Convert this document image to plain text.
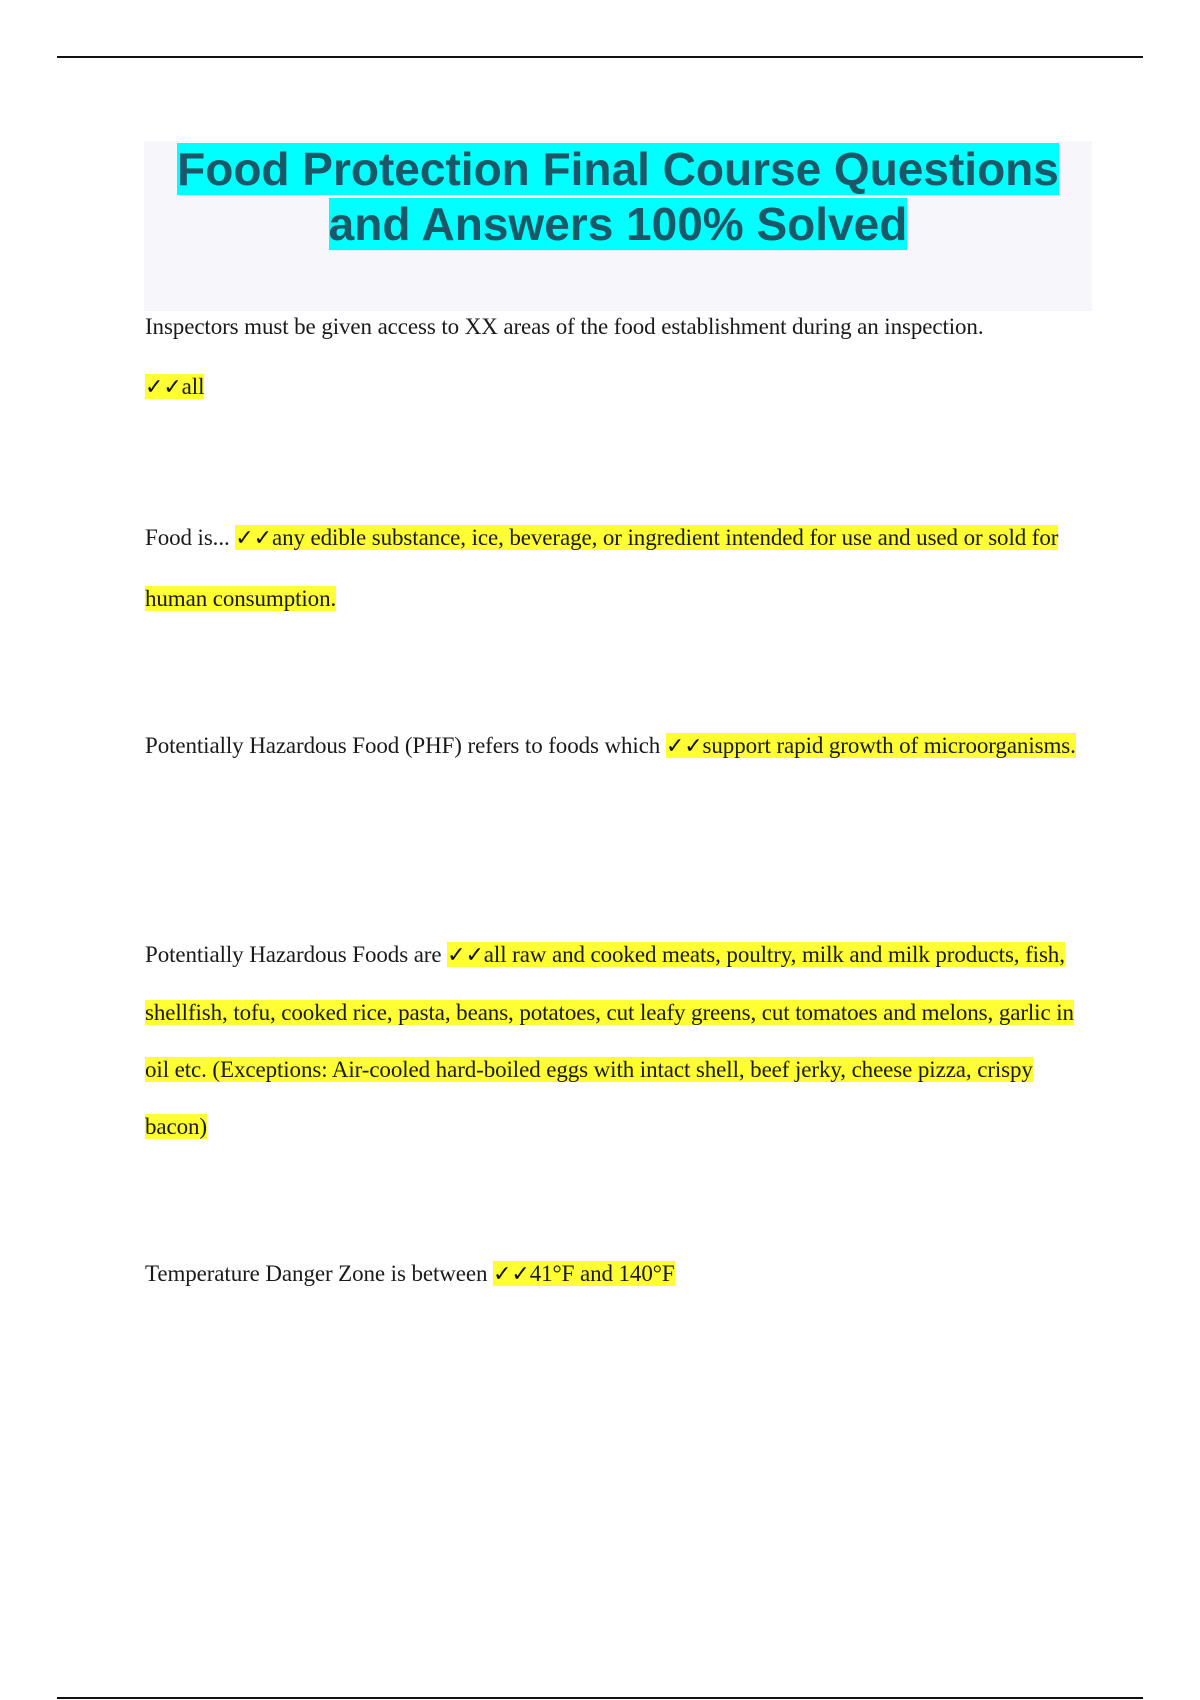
Food Protection Final Course Questions
and Answers 100% Solved

Inspectors must be given access to XX areas of the food establishment during an inspection.
✓✓all

Food is... ✓✓any edible substance, ice, beverage, or ingredient intended for use and used or sold for human consumption.

Potentially Hazardous Food (PHF) refers to foods which ✓✓support rapid growth of microorganisms.

Potentially Hazardous Foods are ✓✓all raw and cooked meats, poultry, milk and milk products, fish, shellfish, tofu, cooked rice, pasta, beans, potatoes, cut leafy greens, cut tomatoes and melons, garlic in oil etc. (Exceptions: Air-cooled hard-boiled eggs with intact shell, beef jerky, cheese pizza, crispy bacon)

Temperature Danger Zone is between ✓✓41°F and 140°F
